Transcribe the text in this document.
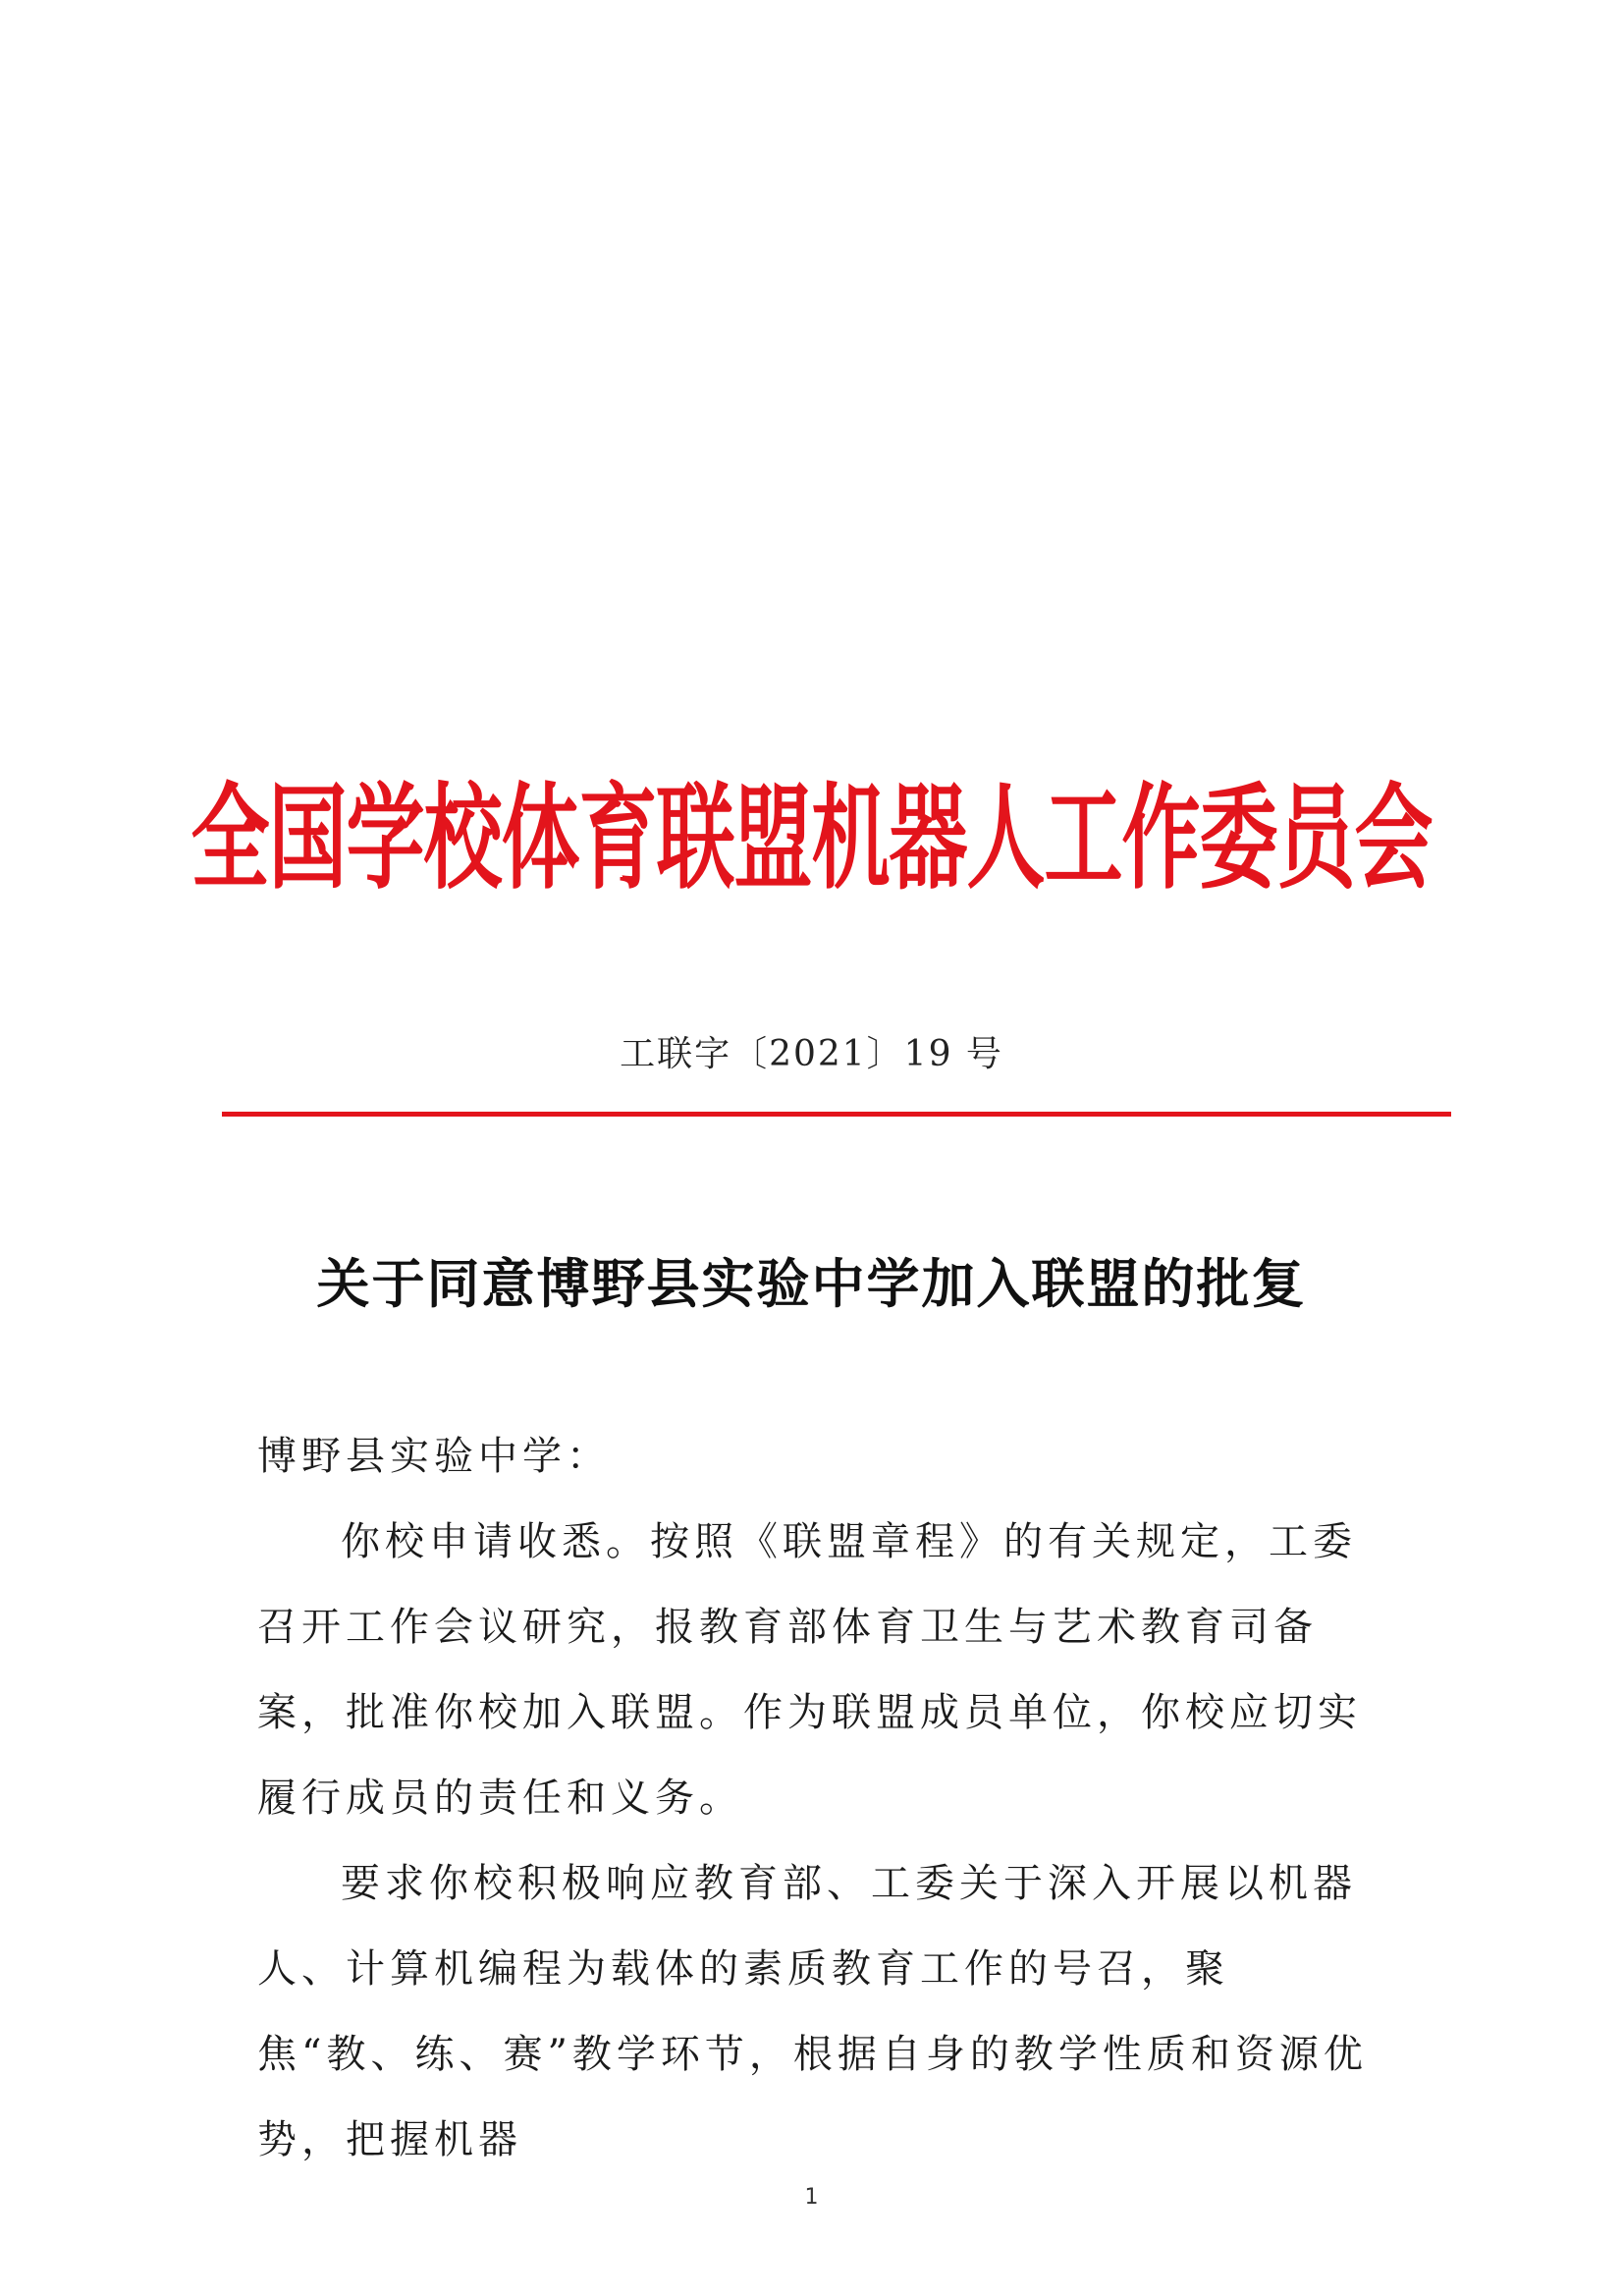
全国学校体育联盟机器人工作委员会
工联字〔2021〕19 号
关于同意博野县实验中学加入联盟的批复

博野县实验中学：

你校申请收悉。按照《联盟章程》的有关规定，工委召开工作会议研究，报教育部体育卫生与艺术教育司备案，批准你校加入联盟。作为联盟成员单位，你校应切实履行成员的责任和义务。

要求你校积极响应教育部、工委关于深入开展以机器人、计算机编程为载体的素质教育工作的号召，聚焦“教、练、赛”教学环节，根据自身的教学性质和资源优势，把握机器

1
